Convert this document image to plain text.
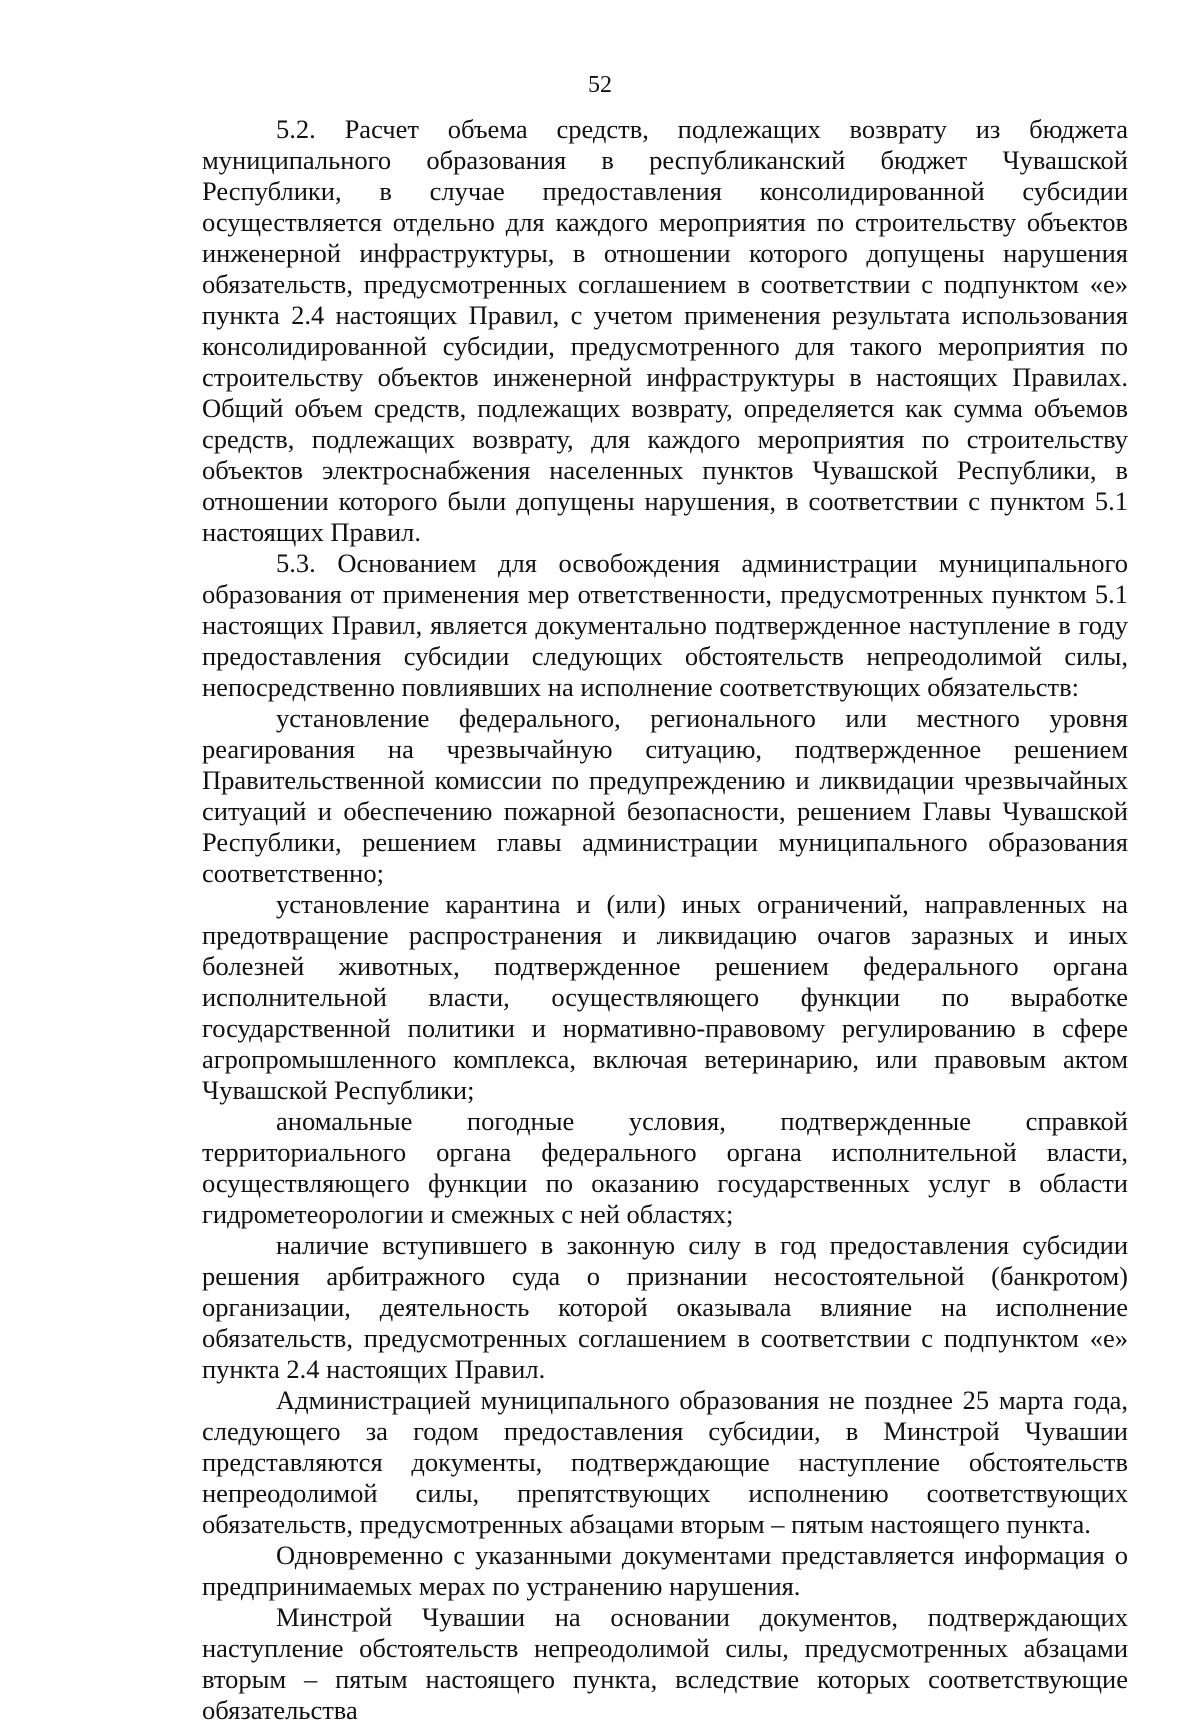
52

5.2. Расчет объема средств, подлежащих возврату из бюджета муниципального образования в республиканский бюджет Чувашской Республики, в случае предоставления консолидированной субсидии осуществляется отдельно для каждого мероприятия по строительству объектов инженерной инфраструктуры, в отношении которого допущены нарушения обязательств, предусмотренных соглашением в соответствии с подпунктом «е» пункта 2.4 настоящих Правил, с учетом применения результата использования консолидированной субсидии, предусмотренного для такого мероприятия по строительству объектов инженерной инфраструктуры в настоящих Правилах. Общий объем средств, подлежащих возврату, определяется как сумма объемов средств, подлежащих возврату, для каждого мероприятия по строительству объектов электроснабжения населенных пунктов Чувашской Республики, в отношении которого были допущены нарушения, в соответствии с пунктом 5.1 настоящих Правил.

5.3. Основанием для освобождения администрации муниципального образования от применения мер ответственности, предусмотренных пунктом 5.1 настоящих Правил, является документально подтвержденное наступление в году предоставления субсидии следующих обстоятельств непреодолимой силы, непосредственно повлиявших на исполнение соответствующих обязательств:

установление федерального, регионального или местного уровня реагирования на чрезвычайную ситуацию, подтвержденное решением Правительственной комиссии по предупреждению и ликвидации чрезвычайных ситуаций и обеспечению пожарной безопасности, решением Главы Чувашской Республики, решением главы администрации муниципального образования соответственно;

установление карантина и (или) иных ограничений, направленных на предотвращение распространения и ликвидацию очагов заразных и иных болезней животных, подтвержденное решением федерального органа исполнительной власти, осуществляющего функции по выработке государственной политики и нормативно-правовому регулированию в сфере агропромышленного комплекса, включая ветеринарию, или правовым актом Чувашской Республики;

аномальные погодные условия, подтвержденные справкой территориального органа федерального органа исполнительной власти, осуществляющего функции по оказанию государственных услуг в области гидрометеорологии и смежных с ней областях;

наличие вступившего в законную силу в год предоставления субсидии решения арбитражного суда о признании несостоятельной (банкротом) организации, деятельность которой оказывала влияние на исполнение обязательств, предусмотренных соглашением в соответствии с подпунктом «е» пункта 2.4 настоящих Правил.

Администрацией муниципального образования не позднее 25 марта года, следующего за годом предоставления субсидии, в Минстрой Чувашии представляются документы, подтверждающие наступление обстоятельств непреодолимой силы, препятствующих исполнению соответствующих обязательств, предусмотренных абзацами вторым – пятым настоящего пункта.

Одновременно с указанными документами представляется информация о предпринимаемых мерах по устранению нарушения.

Минстрой Чувашии на основании документов, подтверждающих наступление обстоятельств непреодолимой силы, предусмотренных абзацами вторым – пятым настоящего пункта, вследствие которых соответствующие обязательства
